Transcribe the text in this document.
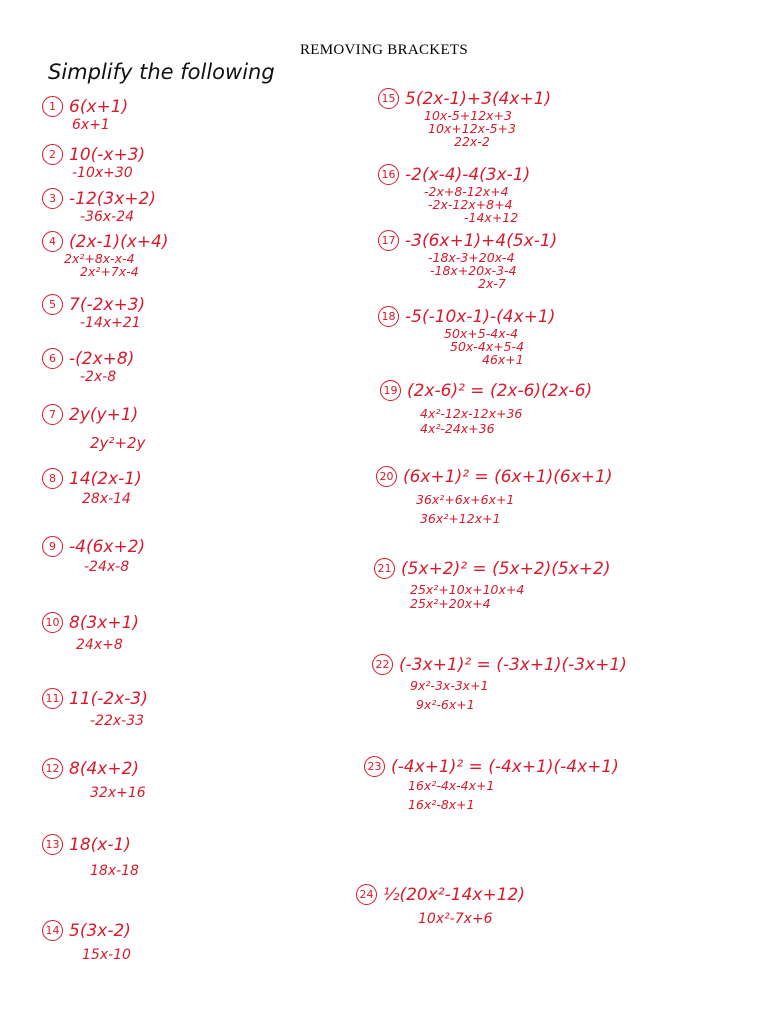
REMOVING BRACKETS
Simplify the following
1 6(x+1)
6x+1
2 10(-x+3)
-10x+30
3 -12(3x+2)
-36x-24
4 (2x-1)(x+4)
2x²+8x-x-4
2x²+7x-4
5 7(-2x+3)
-14x+21
6 -(2x+8)
-2x-8
7 2y(y+1)
2y²+2y
8 14(2x-1)
28x-14
9 -4(6x+2)
-24x-8
10 8(3x+1)
24x+8
11 11(-2x-3)
-22x-33
12 8(4x+2)
32x+16
13 18(x-1)
18x-18
14 5(3x-2)
15x-10
15 5(2x-1)+3(4x+1)
10x-5+12x+3
10x+12x-5+3
22x-2
16 -2(x-4)-4(3x-1)
-2x+8-12x+4
-2x-12x+8+4
-14x+12
17 -3(6x+1)+4(5x-1)
-18x-3+20x-4
-18x+20x-3-4
2x-7
18 -5(-10x-1)-(4x+1)
50x+5-4x-4
50x-4x+5-4
46x+1
19 (2x-6)² = (2x-6)(2x-6)
4x²-12x-12x+36
4x²-24x+36
20 (6x+1)² = (6x+1)(6x+1)
36x²+6x+6x+1
36x²+12x+1
21 (5x+2)² = (5x+2)(5x+2)
25x²+10x+10x+4
25x²+20x+4
22 (-3x+1)² = (-3x+1)(-3x+1)
9x²-3x-3x+1
9x²-6x+1
23 (-4x+1)² = (-4x+1)(-4x+1)
16x²-4x-4x+1
16x²-8x+1
24 ½(20x²-14x+12)
10x²-7x+6
